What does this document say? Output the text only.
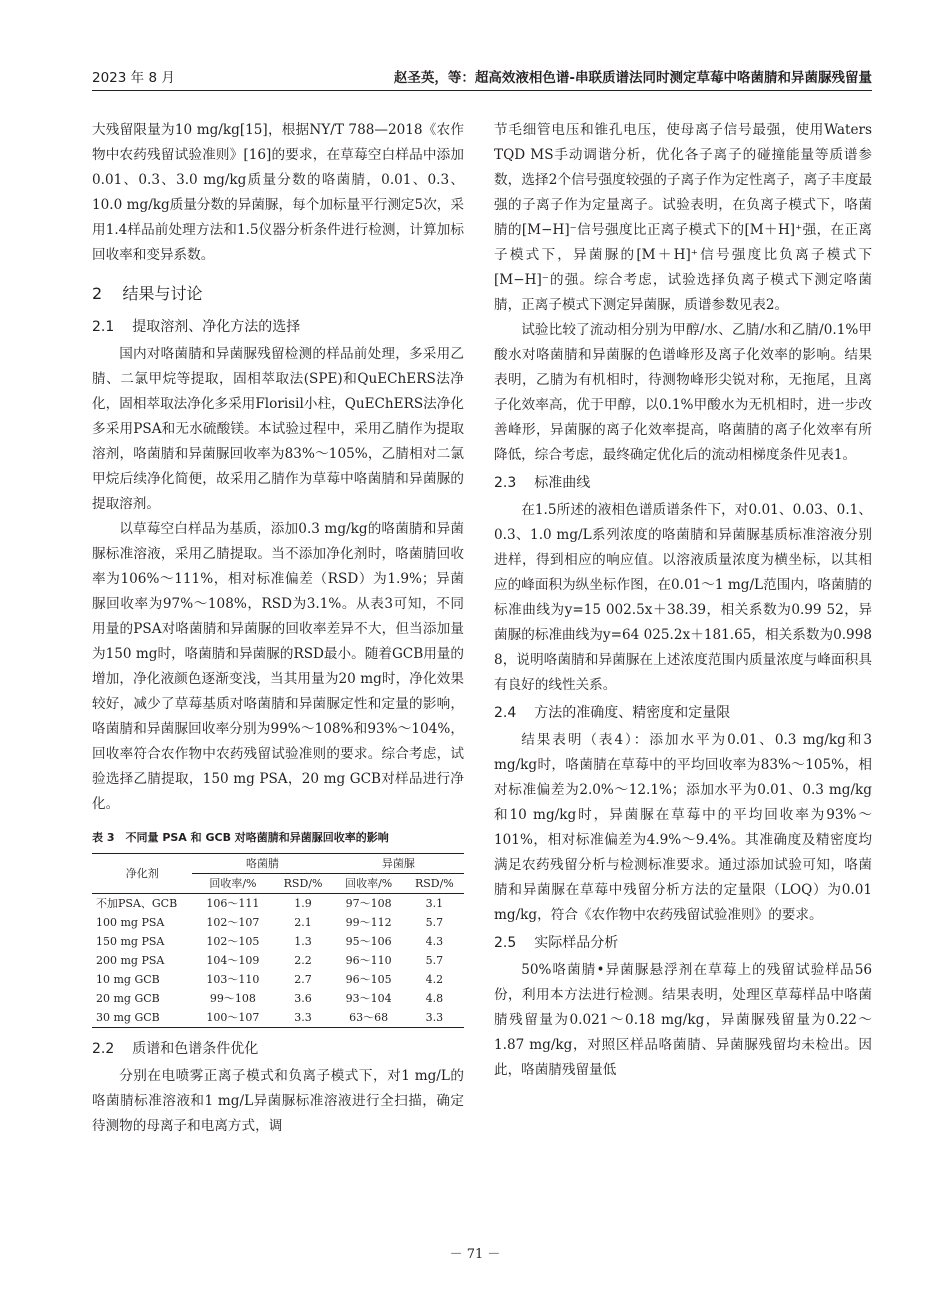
2023 年 8 月	赵圣英，等：超高效液相色谱-串联质谱法同时测定草莓中咯菌腈和异菌脲残留量

大残留限量为10 mg/kg[15]，根据NY/T 788—2018《农作物中农药残留试验准则》[16]的要求，在草莓空白样品中添加0.01、0.3、3.0 mg/kg质量分数的咯菌腈，0.01、0.3、10.0 mg/kg质量分数的异菌脲，每个加标量平行测定5次，采用1.4样品前处理方法和1.5仪器分析条件进行检测，计算加标回收率和变异系数。

2 结果与讨论
2.1 提取溶剂、净化方法的选择

国内对咯菌腈和异菌脲残留检测的样品前处理，多采用乙腈、二氯甲烷等提取，固相萃取法(SPE)和QuEChERS法净化，固相萃取法净化多采用Florisil小柱，QuEChERS法净化多采用PSA和无水硫酸镁。本试验过程中，采用乙腈作为提取溶剂，咯菌腈和异菌脲回收率为83%～105%，乙腈相对二氯甲烷后续净化简便，故采用乙腈作为草莓中咯菌腈和异菌脲的提取溶剂。

以草莓空白样品为基质，添加0.3 mg/kg的咯菌腈和异菌脲标准溶液，采用乙腈提取。当不添加净化剂时，咯菌腈回收率为106%～111%，相对标准偏差（RSD）为1.9%；异菌脲回收率为97%～108%，RSD为3.1%。从表3可知，不同用量的PSA对咯菌腈和异菌脲的回收率差异不大，但当添加量为150 mg时，咯菌腈和异菌脲的RSD最小。随着GCB用量的增加，净化液颜色逐渐变浅，当其用量为20 mg时，净化效果较好，减少了草莓基质对咯菌腈和异菌脲定性和定量的影响，咯菌腈和异菌脲回收率分别为99%～108%和93%～104%，回收率符合农作物中农药残留试验准则的要求。综合考虑，试验选择乙腈提取，150 mg PSA，20 mg GCB对样品进行净化。

表 3　不同量 PSA 和 GCB 对咯菌腈和异菌脲回收率的影响
净化剂	咯菌腈		异菌脲	
	回收率/%	RSD/%	回收率/%	RSD/%
不加PSA、GCB	106～111	1.9	97～108	3.1
100 mg PSA	102～107	2.1	99～112	5.7
150 mg PSA	102～105	1.3	95～106	4.3
200 mg PSA	104～109	2.2	96～110	5.7
10 mg GCB	103～110	2.7	96～105	4.2
20 mg GCB	99～108	3.6	93～104	4.8
30 mg GCB	100～107	3.3	63～68	3.3
2.2 质谱和色谱条件优化

分别在电喷雾正离子模式和负离子模式下，对1 mg/L的咯菌腈标准溶液和1 mg/L异菌脲标准溶液进行全扫描，确定待测物的母离子和电离方式，调

节毛细管电压和锥孔电压，使母离子信号最强，使用Waters TQD MS手动调谐分析，优化各子离子的碰撞能量等质谱参数，选择2个信号强度较强的子离子作为定性离子，离子丰度最强的子离子作为定量离子。试验表明，在负离子模式下，咯菌腈的[M−H]⁻信号强度比正离子模式下的[M＋H]⁺强，在正离子模式下，异菌脲的[M＋H]⁺信号强度比负离子模式下[M−H]⁻的强。综合考虑，试验选择负离子模式下测定咯菌腈，正离子模式下测定异菌脲，质谱参数见表2。

试验比较了流动相分别为甲醇/水、乙腈/水和乙腈/0.1%甲酸水对咯菌腈和异菌脲的色谱峰形及离子化效率的影响。结果表明，乙腈为有机相时，待测物峰形尖锐对称，无拖尾，且离子化效率高，优于甲醇，以0.1%甲酸水为无机相时，进一步改善峰形，异菌脲的离子化效率提高，咯菌腈的离子化效率有所降低，综合考虑，最终确定优化后的流动相梯度条件见表1。

2.3 标准曲线

在1.5所述的液相色谱质谱条件下，对0.01、0.03、0.1、0.3、1.0 mg/L系列浓度的咯菌腈和异菌脲基质标准溶液分别进样，得到相应的响应值。以溶液质量浓度为横坐标，以其相应的峰面积为纵坐标作图，在0.01～1 mg/L范围内，咯菌腈的标准曲线为y=15 002.5x＋38.39，相关系数为0.99 52，异菌脲的标准曲线为y=64 025.2x＋181.65，相关系数为0.998 8，说明咯菌腈和异菌脲在上述浓度范围内质量浓度与峰面积具有良好的线性关系。

2.4 方法的准确度、精密度和定量限

结果表明（表4）：添加水平为0.01、0.3 mg/kg和3 mg/kg时，咯菌腈在草莓中的平均回收率为83%～105%，相对标准偏差为2.0%～12.1%；添加水平为0.01、0.3 mg/kg和10 mg/kg时，异菌脲在草莓中的平均回收率为93%～101%，相对标准偏差为4.9%～9.4%。其准确度及精密度均满足农药残留分析与检测标准要求。通过添加试验可知，咯菌腈和异菌脲在草莓中残留分析方法的定量限（LOQ）为0.01 mg/kg，符合《农作物中农药残留试验准则》的要求。

2.5 实际样品分析

50%咯菌腈•异菌脲悬浮剂在草莓上的残留试验样品56份，利用本方法进行检测。结果表明，处理区草莓样品中咯菌腈残留量为0.021～0.18 mg/kg，异菌脲残留量为0.22～1.87 mg/kg，对照区样品咯菌腈、异菌脲残留均未检出。因此，咯菌腈残留量低

－ 71 －
